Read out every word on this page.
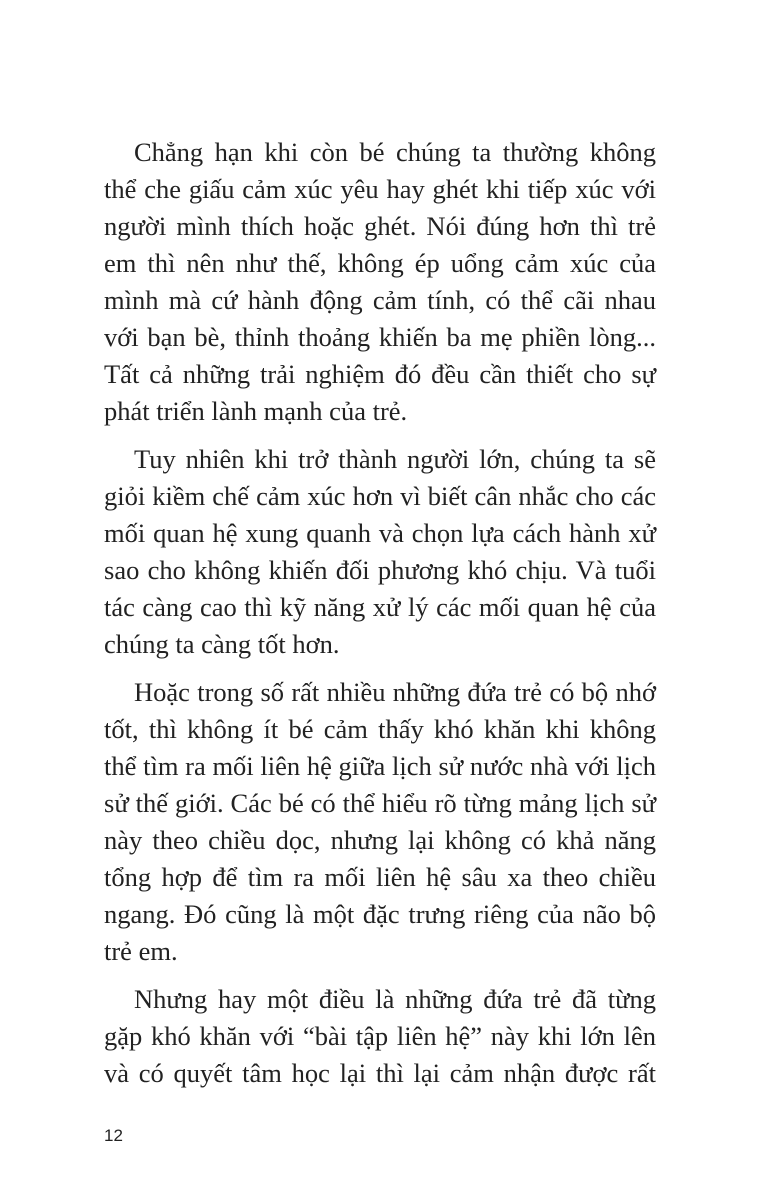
Chẳng hạn khi còn bé chúng ta thường không
thể che giấu cảm xúc yêu hay ghét khi tiếp xúc với
người mình thích hoặc ghét. Nói đúng hơn thì trẻ
em thì nên như thế, không ép uổng cảm xúc của
mình mà cứ hành động cảm tính, có thể cãi nhau
với bạn bè, thỉnh thoảng khiến ba mẹ phiền lòng...
Tất cả những trải nghiệm đó đều cần thiết cho sự
phát triển lành mạnh của trẻ.

Tuy nhiên khi trở thành người lớn, chúng ta sẽ
giỏi kiềm chế cảm xúc hơn vì biết cân nhắc cho các
mối quan hệ xung quanh và chọn lựa cách hành xử
sao cho không khiến đối phương khó chịu. Và tuổi
tác càng cao thì kỹ năng xử lý các mối quan hệ của
chúng ta càng tốt hơn.

Hoặc trong số rất nhiều những đứa trẻ có bộ nhớ
tốt, thì không ít bé cảm thấy khó khăn khi không
thể tìm ra mối liên hệ giữa lịch sử nước nhà với lịch
sử thế giới. Các bé có thể hiểu rõ từng mảng lịch sử
này theo chiều dọc, nhưng lại không có khả năng
tổng hợp để tìm ra mối liên hệ sâu xa theo chiều
ngang. Đó cũng là một đặc trưng riêng của não bộ
trẻ em.

Nhưng hay một điều là những đứa trẻ đã từng
gặp khó khăn với “bài tập liên hệ” này khi lớn lên
và có quyết tâm học lại thì lại cảm nhận được rất

12
